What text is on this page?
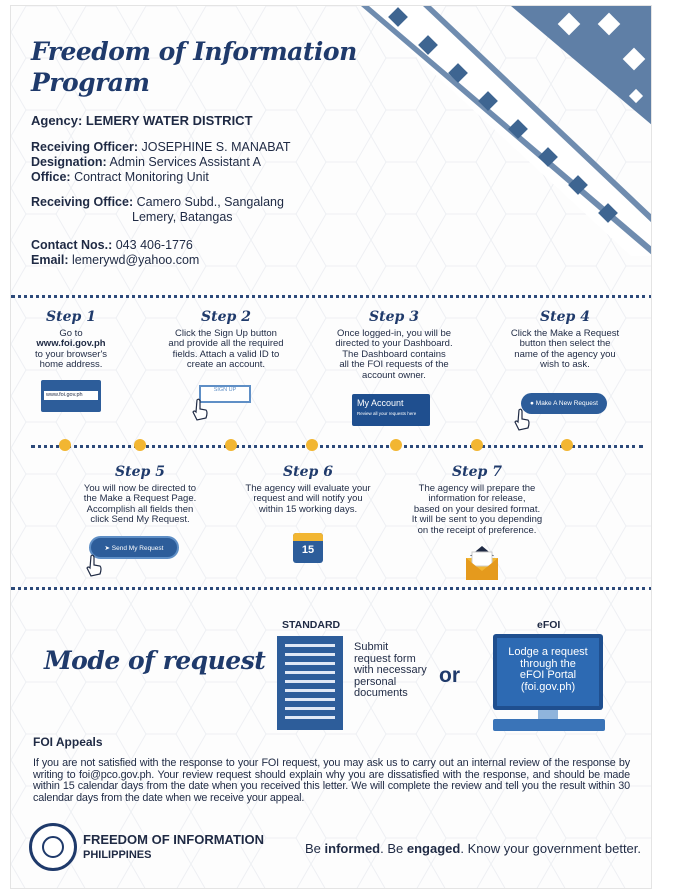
Freedom of Information
Program
Agency: LEMERY WATER DISTRICT
Receiving Officer: JOSEPHINE S. MANABAT
Designation: Admin Services Assistant A
Office: Contract Monitoring Unit
Receiving Office: Camero Subd., Sangalang
Lemery, Batangas
Contact Nos.: 043 406-1776
Email: lemerywd@yahoo.com
Step 1
Go to
www.foi.gov.ph
to your browser's
home address.
www.foi.gov.ph
Step 2
Click the Sign Up button
and provide all the required
fields. Attach a valid ID to
create an account.
SIGN UP
Step 3
Once logged-in, you will be
directed to your Dashboard.
The Dashboard contains
all the FOI requests of the
account owner.
My Account
Review all your requests here
Step 4
Click the Make a Request
button then select the
name of the agency you
wish to ask.
● Make A New Request
Step 5
You will now be directed to
the Make a Request Page.
Accomplish all fields then
click Send My Request.
➤ Send My Request
Step 6
The agency will evaluate your
request and will notify you
within 15 working days.
15
Step 7
The agency will prepare the
information for release,
based on your desired format.
It will be sent to you depending
on the receipt of preference.
Mode of request
STANDARD
Submit
request form
with necessary
personal
documents
or
eFOI
Lodge a request
through the
eFOI Portal
(foi.gov.ph)
FOI Appeals
If you are not satisfied with the response to your FOI request, you may ask us to carry out an internal review of the response by writing to foi@pco.gov.ph. Your review request should explain why you are dissatisfied with the response, and should be made within 15 calendar days from the date when you received this letter. We will complete the review and tell you the result within 30 calendar days from the date when we receive your appeal.
FREEDOM OF INFORMATION
PHILIPPINES	Be informed. Be engaged. Know your government better.
